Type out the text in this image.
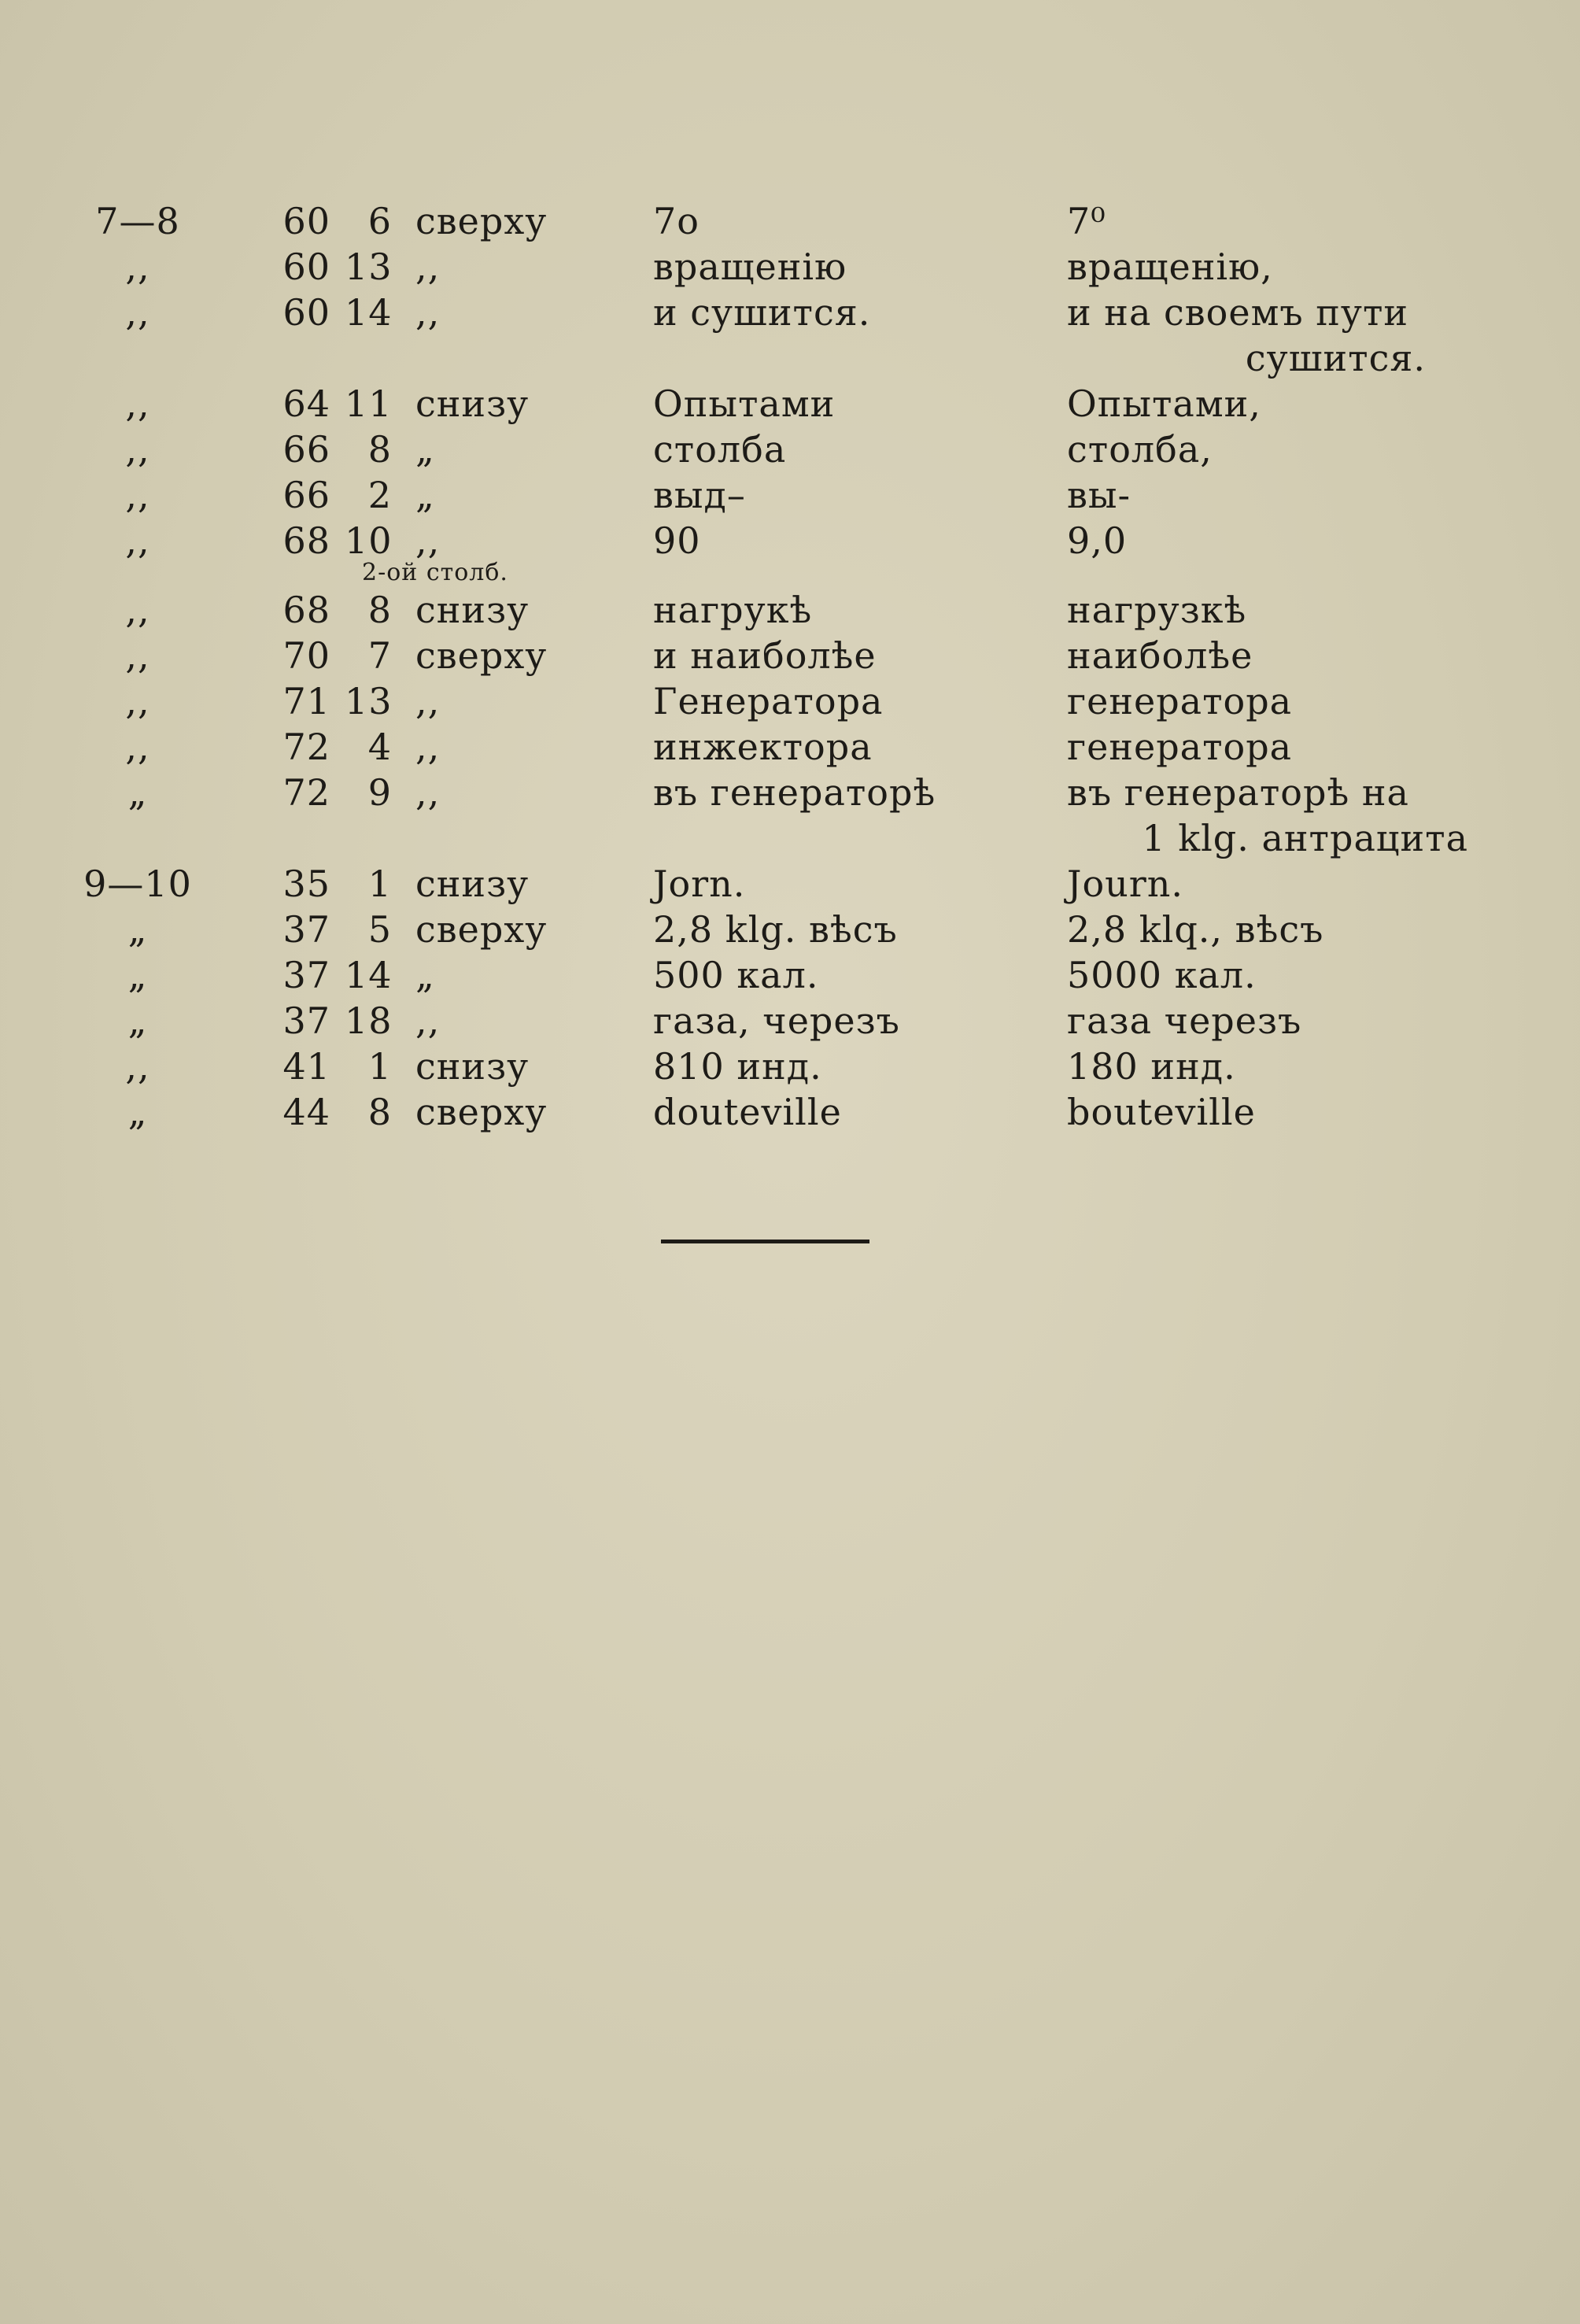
7—8	60	6 сверху	7о	7⁰
,,	60 13 ,,	вращенію	вращенію,
,,	60 14 ,,	и сушится.	и на своемъ пути
сушится.
,,	64 11 снизу	Опытами	Опытами,
,,	66	8 „	столба	столба,
,,	66	2 „	выд–	вы-
,,	68 10 ,,	90	9,0
2-ой столб.
,,	68	8 снизу	нагрукѣ	нагрузкѣ
,,	70	7 сверху	и наиболѣе	наиболѣе
,,	71 13 ,,	Генератора	генератора
,,	72	4 ,,	инжектора	генератора
„	72	9 ,,	въ генераторѣ	въ генераторѣ на
1 klg. антрацита
9—10	35	1 снизу	Jorn.	Journ.
„	37	5 сверху	2,8 klg. вѣсъ	2,8 klq., вѣсъ
„	37 14 „	500 кал.	5000 кал.
„	37 18 ,,	газа, черезъ	газа черезъ
,,	41	1 снизу	810 инд.	180 инд.
„	44	8 сверху	douteville	bouteville
